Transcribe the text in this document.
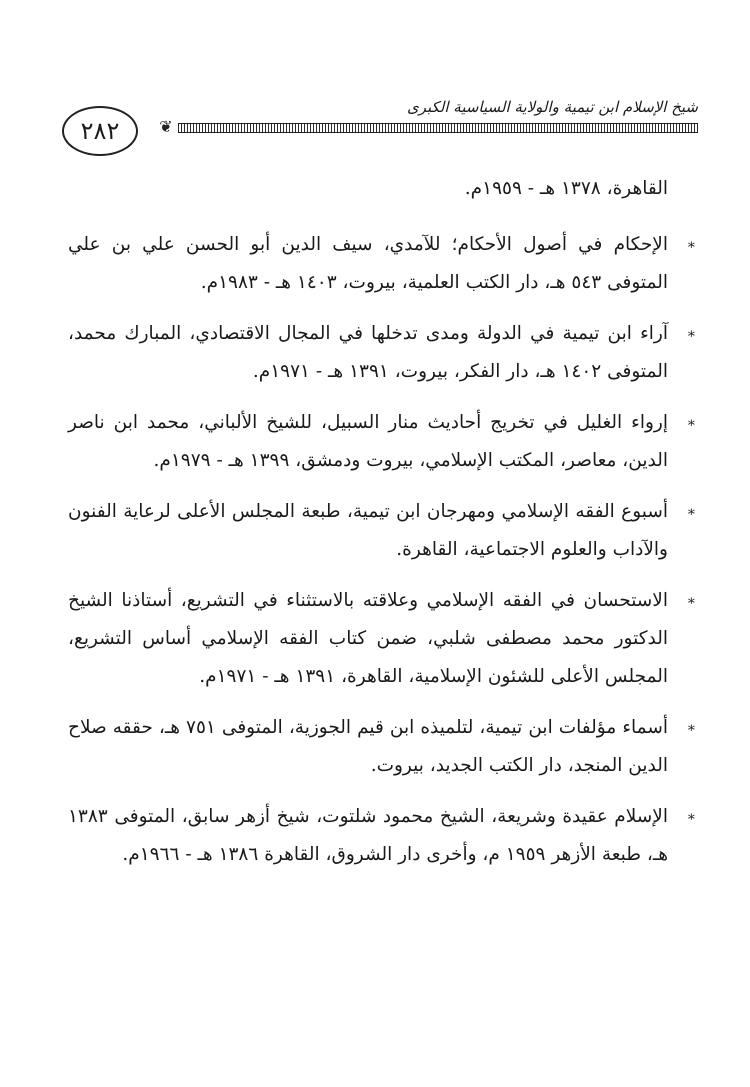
شيخ الإسلام ابن تيمية والولاية السياسية الكبرى
❦
٢٨٢
القاهرة، ١٣٧٨ هـ - ١٩٥٩م.
∗
الإحكام في أصول الأحكام؛ للآمدي، سيف الدين أبو الحسن علي بن علي المتوفى ٥٤٣ هـ، دار الكتب العلمية، بيروت، ١٤٠٣ هـ - ١٩٨٣م.
∗
آراء ابن تيمية في الدولة ومدى تدخلها في المجال الاقتصادي، المبارك محمد، المتوفى ١٤٠٢ هـ، دار الفكر، بيروت، ١٣٩١ هـ - ١٩٧١م.
∗
إرواء الغليل في تخريج أحاديث منار السبيل، للشيخ الألباني، محمد ابن ناصر الدين، معاصر، المكتب الإسلامي، بيروت ودمشق، ١٣٩٩ هـ - ١٩٧٩م.
∗
أسبوع الفقه الإسلامي ومهرجان ابن تيمية، طبعة المجلس الأعلى لرعاية الفنون والآداب والعلوم الاجتماعية، القاهرة.
∗
الاستحسان في الفقه الإسلامي وعلاقته بالاستثناء في التشريع، أستاذنا الشيخ الدكتور محمد مصطفى شلبي، ضمن كتاب الفقه الإسلامي أساس التشريع، المجلس الأعلى للشئون الإسلامية، القاهرة، ١٣٩١ هـ - ١٩٧١م.
∗
أسماء مؤلفات ابن تيمية، لتلميذه ابن قيم الجوزية، المتوفى ٧٥١ هـ، حققه صلاح الدين المنجد، دار الكتب الجديد، بيروت.
∗
الإسلام عقيدة وشريعة، الشيخ محمود شلتوت، شيخ أزهر سابق، المتوفى ١٣٨٣ هـ، طبعة الأزهر ١٩٥٩ م، وأخرى دار الشروق، القاهرة ١٣٨٦ هـ - ١٩٦٦م.
